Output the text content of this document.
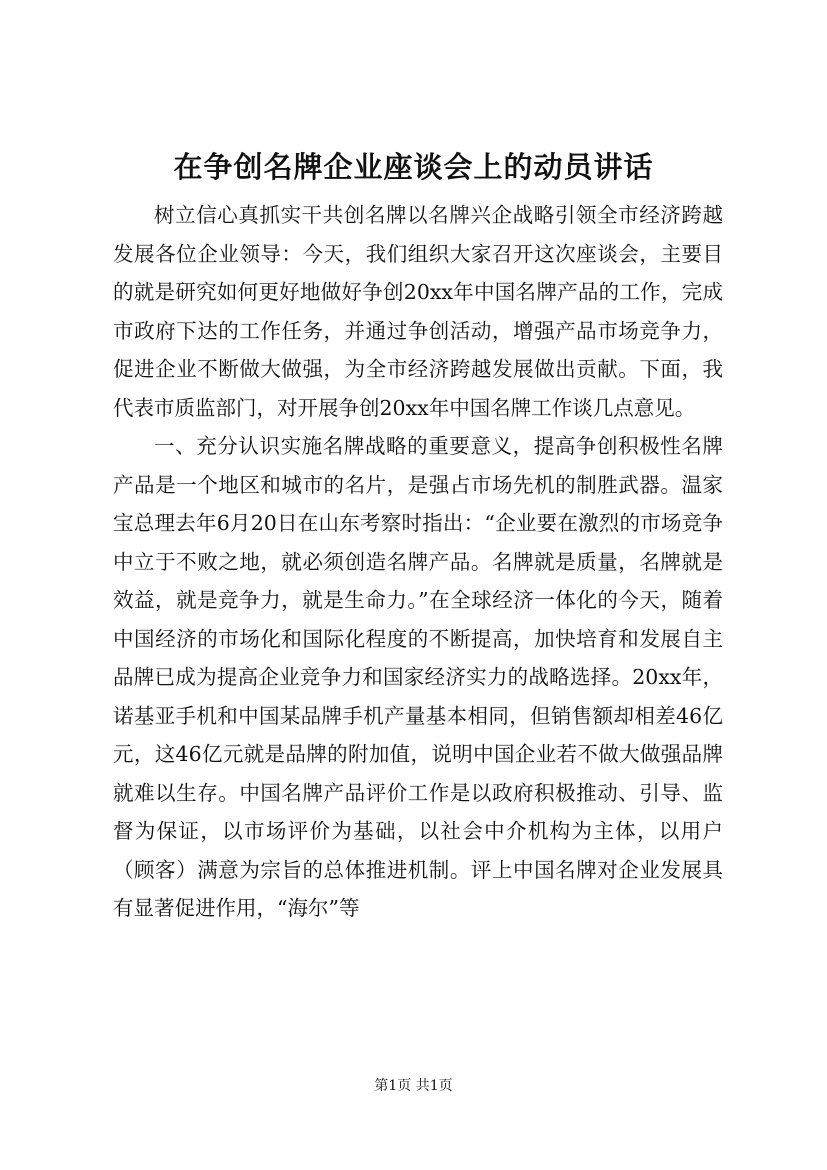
在争创名牌企业座谈会上的动员讲话

树立信心真抓实干共创名牌以名牌兴企战略引领全市经济跨越发展各位企业领导：今天，我们组织大家召开这次座谈会，主要目的就是研究如何更好地做好争创20xx年中国名牌产品的工作，完成市政府下达的工作任务，并通过争创活动，增强产品市场竞争力，促进企业不断做大做强，为全市经济跨越发展做出贡献。下面，我代表市质监部门，对开展争创20xx年中国名牌工作谈几点意见。

一、充分认识实施名牌战略的重要意义，提高争创积极性名牌产品是一个地区和城市的名片，是强占市场先机的制胜武器。温家宝总理去年6月20日在山东考察时指出：“企业要在激烈的市场竞争中立于不败之地，就必须创造名牌产品。名牌就是质量，名牌就是效益，就是竞争力，就是生命力。”在全球经济一体化的今天，随着中国经济的市场化和国际化程度的不断提高，加快培育和发展自主品牌已成为提高企业竞争力和国家经济实力的战略选择。20xx年，诺基亚手机和中国某品牌手机产量基本相同，但销售额却相差46亿元，这46亿元就是品牌的附加值，说明中国企业若不做大做强品牌就难以生存。中国名牌产品评价工作是以政府积极推动、引导、监督为保证，以市场评价为基础，以社会中介机构为主体，以用户（顾客）满意为宗旨的总体推进机制。评上中国名牌对企业发展具有显著促进作用，“海尔”等

第1页 共1页
